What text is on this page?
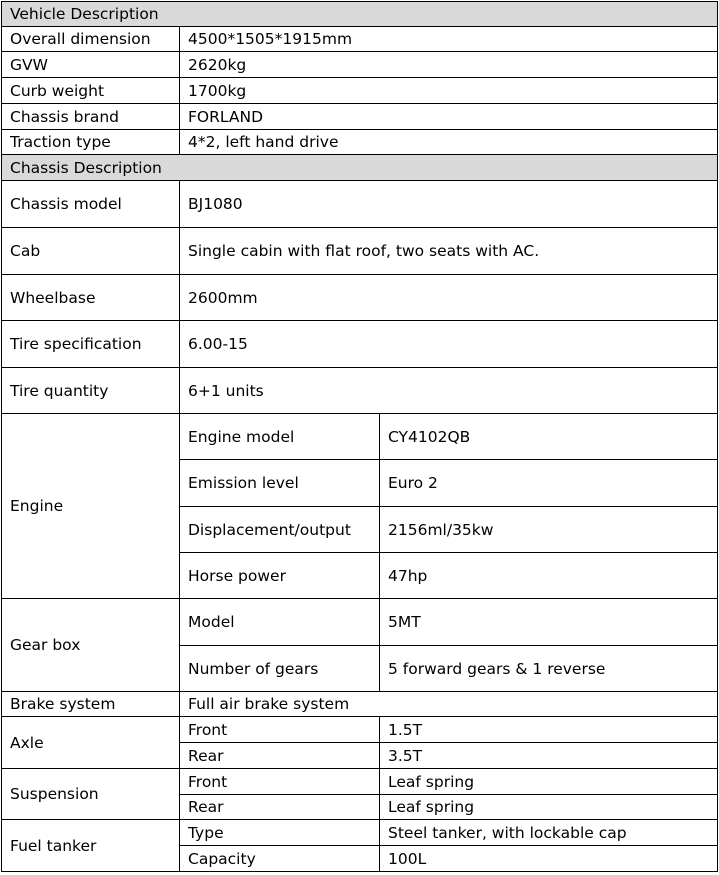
Vehicle Description		
Overall dimension	4500*1505*1915mm	
GVW	2620kg	
Curb weight	1700kg	
Chassis brand	FORLAND	
Traction type	4*2, left hand drive	
Chassis Description		
Chassis model	BJ1080	
Cab	Single cabin with flat roof, two seats with AC.	
Wheelbase	2600mm	
Tire specification	6.00-15	
Tire quantity	6+1 units	
Engine	Engine model	CY4102QB
	Emission level	Euro 2
	Displacement/output	2156ml/35kw
	Horse power	47hp
Gear box	Model	5MT
	Number of gears	5 forward gears & 1 reverse
Brake system	Full air brake system	
Axle	Front	1.5T
	Rear	3.5T
Suspension	Front	Leaf spring
	Rear	Leaf spring
Fuel tanker	Type	Steel tanker, with lockable cap
	Capacity	100L
